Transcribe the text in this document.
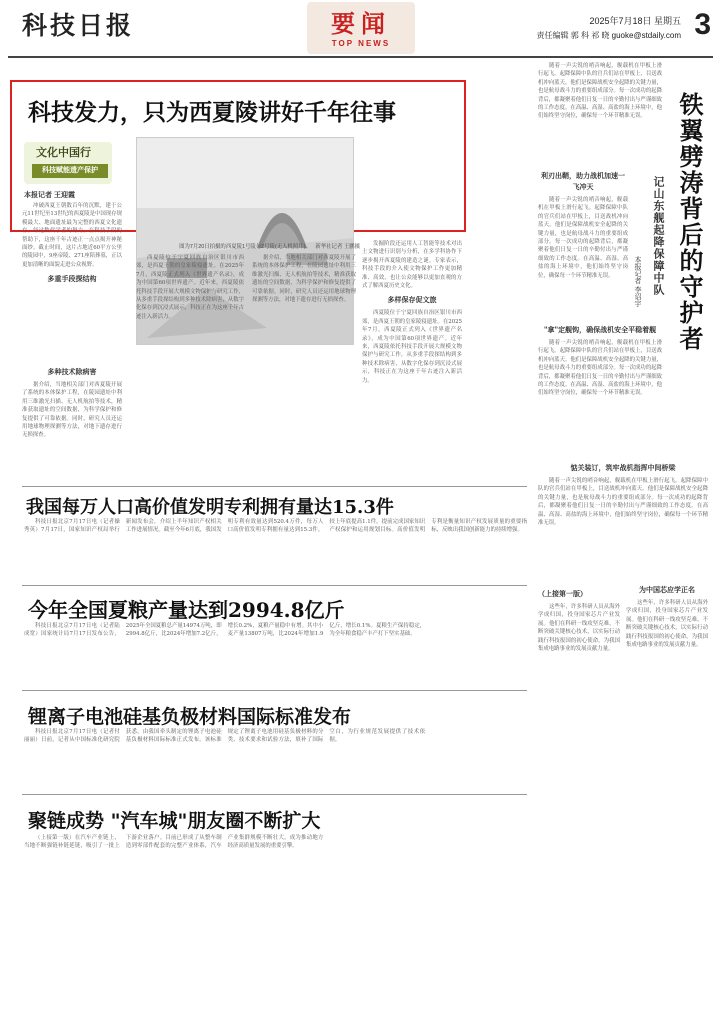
科技日报	要闻
TOP NEWS
2025年7月18日 星期五
责任编辑 郭 科 祁 晓 guoke@stdaily.com 3
科技发力，只为西夏陵讲好千年往事
文化中国行
科技赋能遗产保护
本报记者 王迎霞

冲破西夏王朝数百年的沉默，建于公元11世纪至13世纪的西夏陵是中国现存规模最大、地面遗址最为完整的西夏文化遗存。经过数代学者的努力，在科技手段的帮助下，这座千年古迹正一点点揭开神秘面纱。截止时间，这片占地近60平方公里的陵园中，9座帝陵、271座陪葬墓，正以更加清晰的面貌走进公众视野。

多重手段探结构
图为7月20日拍摄的西夏陵1号陵与2号陵(无人机照片)。

西夏陵位于宁夏回族自治区银川市西郊，是西夏王朝的皇家陵寝遗址。在2025年7月，西夏陵正式列入《世界遗产名录》，成为中国第60项世界遗产。近年来，西夏陵依托科技手段开展大规模文物保护与研究工作，从多重手段探结构到多种技术除病害，从数字化保存到沉浸式展示，科技正在为这座千年古迹注入新活力。

据介绍，当地相关部门对西夏陵开展了系统的本体保护工程，在陵园遗址中利用三维激光扫描、无人机航拍等技术，精准获取遗址的空间数据，为科学保护和修复提供了可靠依据。同时，研究人员还运用地球物理探测等方法，对地下遗存进行无损探查。

新华社记者 王鹏摄
多种技术除病害

据介绍，当地相关部门对西夏陵开展了系统的本体保护工程，在陵园遗址中利用三维激光扫描、无人机航拍等技术，精准获取遗址的空间数据，为科学保护和修复提供了可靠依据。同时，研究人员还运用地球物理探测等方法，对地下遗存进行无损探查。

发掘阶段还运用人工智能等技术对出土文物进行识别与分析，在多学科协作下逐步揭开西夏陵的建造之谜。专家表示，科技手段的介入使文物保护工作更加精准、高效，也让公众能够以更加直观的方式了解西夏历史文化。

多样保存促文旅

西夏陵位于宁夏回族自治区银川市西郊，是西夏王朝的皇家陵寝遗址。在2025年7月，西夏陵正式列入《世界遗产名录》，成为中国第60项世界遗产。近年来，西夏陵依托科技手段开展大规模文物保护与研究工作，从多重手段探结构到多种技术除病害，从数字化保存到沉浸式展示，科技正在为这座千年古迹注入新活力。

铁翼劈涛背后的守护者
记山东舰起降保障中队
本报记者 李诏宇

随着一声尖锐的哨音响起，舰载机在甲板上滑行起飞。起降保障中队的官兵们站在甲板上，目送战机冲向蓝天。他们是保障战机安全起降的关键力量，也是航母战斗力的重要组成部分。每一次成功的起降背后，都凝聚着他们日复一日的辛勤付出与严谨细致的工作态度。在高温、高湿、高盐的海上环境中，他们始终坚守岗位，确保每一个环节精准无误。

利刃出鞘，助力战机加速一飞冲天

随着一声尖锐的哨音响起，舰载机在甲板上滑行起飞。起降保障中队的官兵们站在甲板上，目送战机冲向蓝天。他们是保障战机安全起降的关键力量，也是航母战斗力的重要组成部分。每一次成功的起降背后，都凝聚着他们日复一日的辛勤付出与严谨细致的工作态度。在高温、高湿、高盐的海上环境中，他们始终坚守岗位，确保每一个环节精准无误。

"拿"定舰钩，确保战机安全平稳着舰

随着一声尖锐的哨音响起，舰载机在甲板上滑行起飞。起降保障中队的官兵们站在甲板上，目送战机冲向蓝天。他们是保障战机安全起降的关键力量，也是航母战斗力的重要组成部分。每一次成功的起降背后，都凝聚着他们日复一日的辛勤付出与严谨细致的工作态度。在高温、高湿、高盐的海上环境中，他们始终坚守岗位，确保每一个环节精准无误。

惦关装订，筑牢战机指挥中间桥梁

随着一声尖锐的哨音响起，舰载机在甲板上滑行起飞。起降保障中队的官兵们站在甲板上，目送战机冲向蓝天。他们是保障战机安全起降的关键力量，也是航母战斗力的重要组成部分。每一次成功的起降背后，都凝聚着他们日复一日的辛勤付出与严谨细致的工作态度。在高温、高湿、高盐的海上环境中，他们始终坚守岗位，确保每一个环节精准无误。

我国每万人口高价值发明专利拥有量达15.3件

科技日报北京7月17日电（记者操秀英）7月17日，国家知识产权局举行新闻发布会，介绍上半年知识产权相关工作进展情况。截至今年6月底，我国发明专利有效量达到520.4万件，每万人口高价值发明专利拥有量达到15.3件，较上年底提高1.1件，提前完成国家知识产权保护和运用规划目标。高价值发明专利是衡量知识产权发展质量的重要指标，反映出我国创新能力的持续增强。

今年全国夏粮产量达到2994.8亿斤

科技日报北京7月17日电（记者陆成宽）国家统计局7月17日发布公告，2025年全国夏粮总产量14974万吨，即2994.8亿斤，比2024年增加7.2亿斤，增长0.2%，夏粮产量稳中有增。其中小麦产量13807万吨，比2024年增加1.9亿斤，增长0.1%。夏粮生产保持稳定，为全年粮食稳产丰产打下坚实基础。

锂离子电池硅基负极材料国际标准发布

科技日报北京7月17日电（记者付丽丽）日前，记者从中国标准化研究院获悉，由我国牵头制定的锂离子电池硅基负极材料国际标准正式发布。该标准规定了锂离子电池用硅基负极材料的分类、技术要求和试验方法，填补了国际空白，为行业规范发展提供了技术依据。

聚链成势 "汽车城"朋友圈不断扩大

（上接第一版）在汽车产业链上，当地不断强链补链延链，吸引了一批上下游企业落户。目前已形成了从整车制造到零部件配套的完整产业体系，汽车产业集群规模不断壮大，成为推动地方经济高质量发展的重要引擎。

（上接第一版）

这些年，许多科研人员从海外学成归国，投身国家芯片产业发展。他们在科研一线攻坚克难，不断突破关键核心技术，以实际行动践行科技报国的初心使命，为我国集成电路事业的发展贡献力量。

为中国芯应学正名

这些年，许多科研人员从海外学成归国，投身国家芯片产业发展。他们在科研一线攻坚克难，不断突破关键核心技术，以实际行动践行科技报国的初心使命，为我国集成电路事业的发展贡献力量。
